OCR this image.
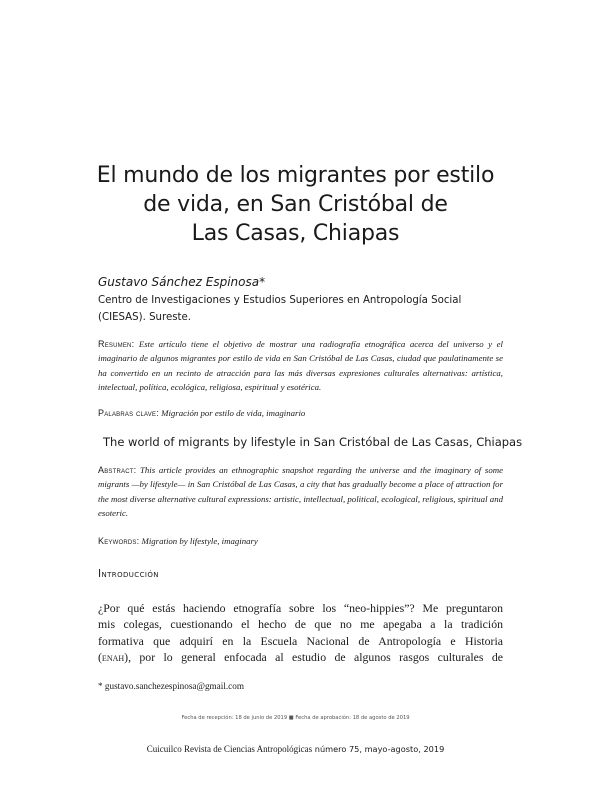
El mundo de los migrantes por estilo
de vida, en San Cristóbal de
Las Casas, Chiapas
Gustavo Sánchez Espinosa*
Centro de Investigaciones y Estudios Superiores en Antropología Social
(CIESAS). Sureste.
Resumen: Este artículo tiene el objetivo de mostrar una radiografía etnográfica acerca del universo y el imaginario de algunos migrantes por estilo de vida en San Cristóbal de Las Casas, ciudad que paulatinamente se ha convertido en un recinto de atracción para las más diversas expresiones culturales alternativas: artística, intelectual, política, ecológica, religiosa, espiritual y esotérica.
Palabras clave: Migración por estilo de vida, imaginario
The world of migrants by lifestyle in San Cristóbal de Las Casas, Chiapas
Abstract: This article provides an ethnographic snapshot regarding the universe and the imaginary of some migrants —by lifestyle— in San Cristóbal de Las Casas, a city that has gradually become a place of attraction for the most diverse alternative cultural expressions: artistic, intellectual, political, ecological, religious, spiritual and esoteric.
Keywords: Migration by lifestyle, imaginary
Introducción
¿Por qué estás haciendo etnografía sobre los “neo-hippies”? Me preguntaron
mis colegas, cuestionando el hecho de que no me apegaba a la tradición
formativa que adquirí en la Escuela Nacional de Antropología e Historia
(enah), por lo general enfocada al estudio de algunos rasgos culturales de
* gustavo.sanchezespinosa@gmail.com
Fecha de recepción: 18 de junio de 2019 ■ Fecha de aprobación: 18 de agosto de 2019
Cuicuilco Revista de Ciencias Antropológicas número 75, mayo-agosto, 2019
